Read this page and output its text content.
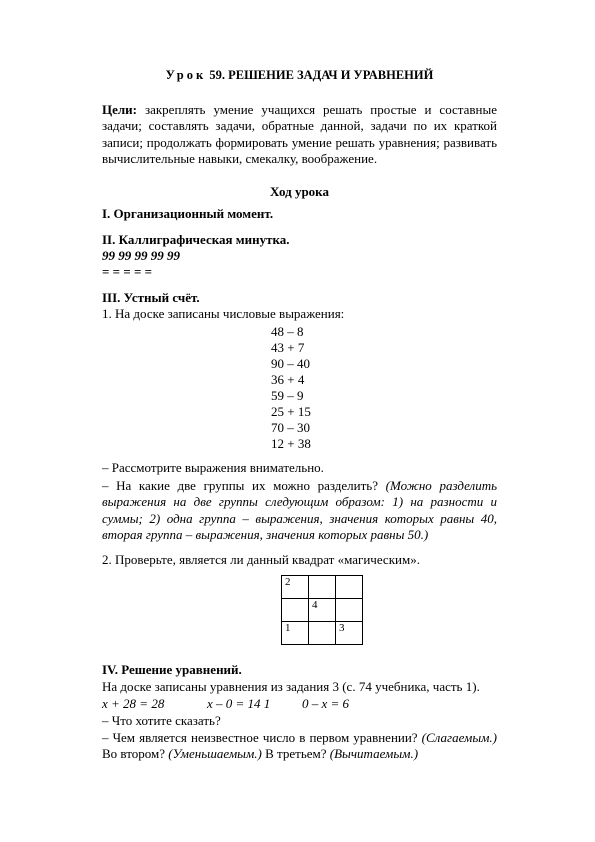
Урок 59. РЕШЕНИЕ ЗАДАЧ И УРАВНЕНИЙ
Цели: закреплять умение учащихся решать простые и составные задачи; составлять задачи, обратные данной, задачи по их краткой записи; продолжать формировать умение решать уравнения; развивать вычислительные навыки, смекалку, воображение.
Ход урока
I. Организационный момент.
II. Каллиграфическая минутка.
99 99 99 99 99
= = = = =
III. Устный счёт.
1. На доске записаны числовые выражения:
48 – 8
43 + 7
90 – 40
36 + 4
59 – 9
25 + 15
70 – 30
12 + 38
– Рассмотрите выражения внимательно.
– На какие две группы их можно разделить? (Можно разделить выражения на две группы следующим образом: 1) на разности и суммы; 2) одна группа – выражения, значения которых равны 40, вторая группа – выражения, значения которых равны 50.)
2. Проверьте, является ли данный квадрат «магическим».
2		
	4	
1		3
IV. Решение уравнений.
На доске записаны уравнения из задания 3 (с. 74 учебника, часть 1).
x + 28 = 28	x – 0 = 14 1 0 – x = 6
– Что хотите сказать?
– Чем является неизвестное число в первом уравнении? (Слагаемым.) Во втором? (Уменьшаемым.) В третьем? (Вычитаемым.)
